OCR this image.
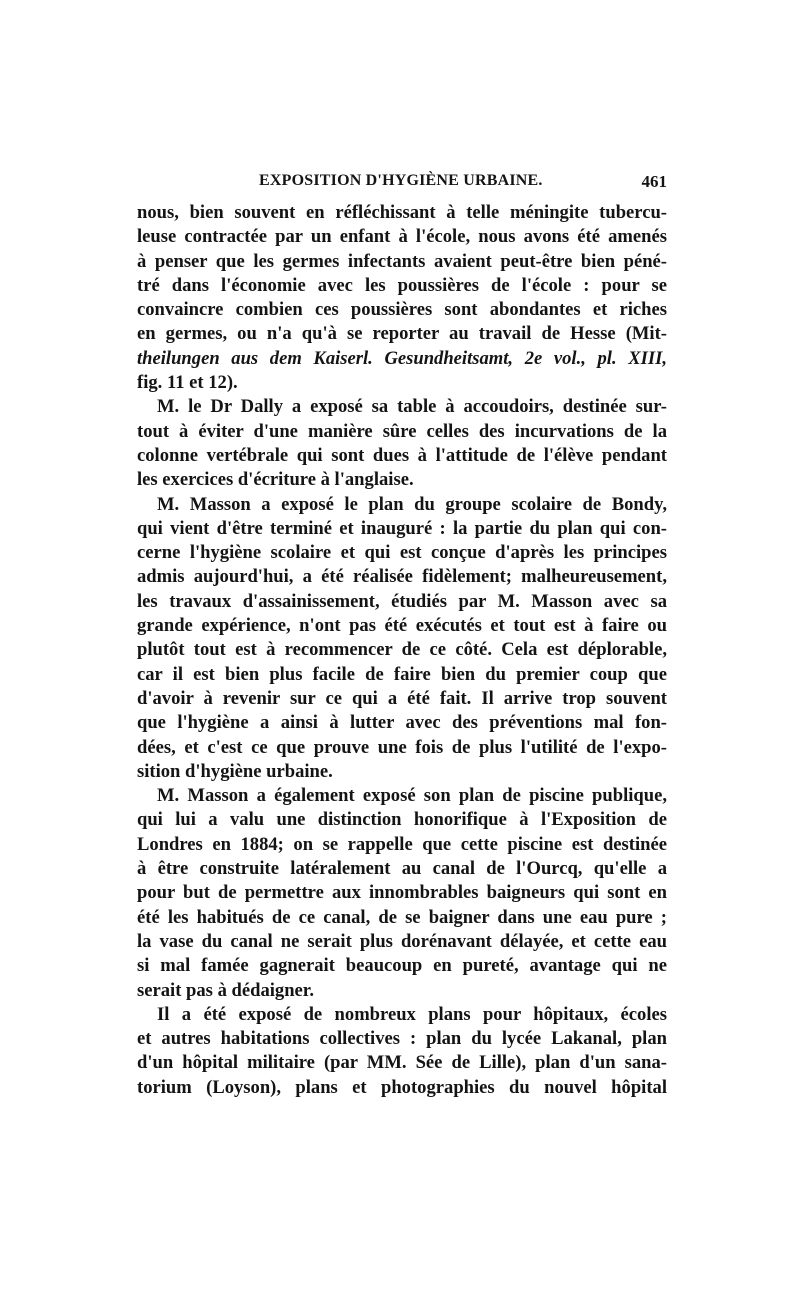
EXPOSITION D'HYGIÈNE URBAINE.	461
nous, bien souvent en réfléchissant à telle méningite tubercu-
leuse contractée par un enfant à l'école, nous avons été amenés
à penser que les germes infectants avaient peut-être bien péné-
tré dans l'économie avec les poussières de l'école : pour se
convaincre combien ces poussières sont abondantes et riches
en germes, ou n'a qu'à se reporter au travail de Hesse (Mit-
theilungen aus dem Kaiserl. Gesundheitsamt, 2e vol., pl. XIII,
fig. 11 et 12).
M. le Dr Dally a exposé sa table à accoudoirs, destinée sur-
tout à éviter d'une manière sûre celles des incurvations de la
colonne vertébrale qui sont dues à l'attitude de l'élève pendant
les exercices d'écriture à l'anglaise.
M. Masson a exposé le plan du groupe scolaire de Bondy,
qui vient d'être terminé et inauguré : la partie du plan qui con-
cerne l'hygiène scolaire et qui est conçue d'après les principes
admis aujourd'hui, a été réalisée fidèlement; malheureusement,
les travaux d'assainissement, étudiés par M. Masson avec sa
grande expérience, n'ont pas été exécutés et tout est à faire ou
plutôt tout est à recommencer de ce côté. Cela est déplorable,
car il est bien plus facile de faire bien du premier coup que
d'avoir à revenir sur ce qui a été fait. Il arrive trop souvent
que l'hygiène a ainsi à lutter avec des préventions mal fon-
dées, et c'est ce que prouve une fois de plus l'utilité de l'expo-
sition d'hygiène urbaine.
M. Masson a également exposé son plan de piscine publique,
qui lui a valu une distinction honorifique à l'Exposition de
Londres en 1884; on se rappelle que cette piscine est destinée
à être construite latéralement au canal de l'Ourcq, qu'elle a
pour but de permettre aux innombrables baigneurs qui sont en
été les habitués de ce canal, de se baigner dans une eau pure ;
la vase du canal ne serait plus dorénavant délayée, et cette eau
si mal famée gagnerait beaucoup en pureté, avantage qui ne
serait pas à dédaigner.
Il a été exposé de nombreux plans pour hôpitaux, écoles
et autres habitations collectives : plan du lycée Lakanal, plan
d'un hôpital militaire (par MM. Sée de Lille), plan d'un sana-
torium (Loyson), plans et photographies du nouvel hôpital
